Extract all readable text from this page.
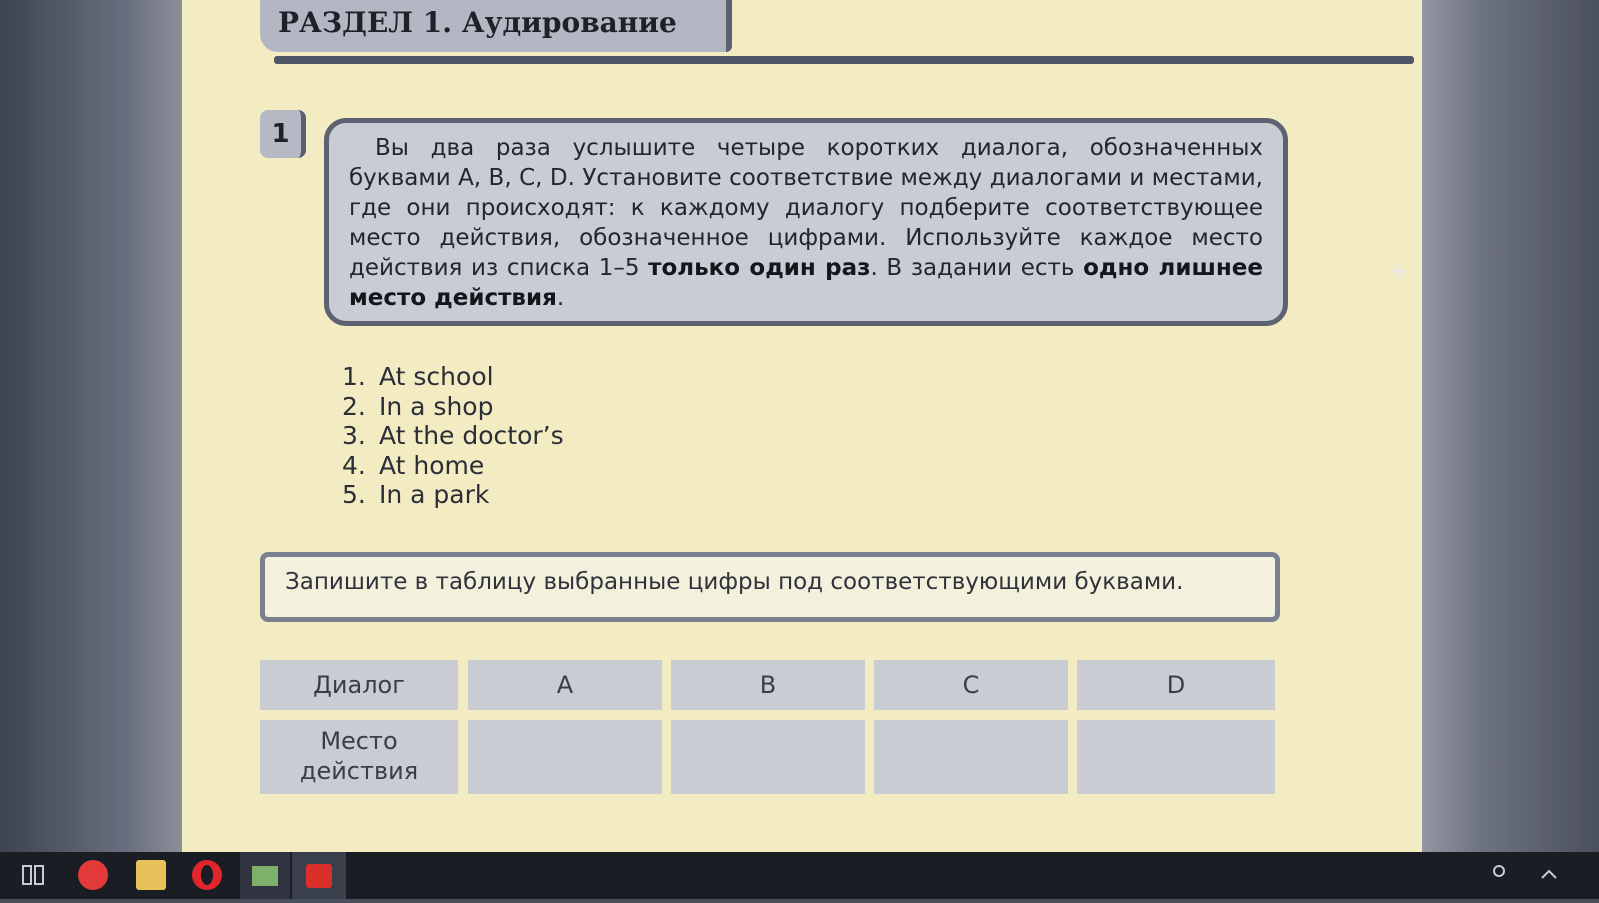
РАЗДЕЛ 1. Аудирование
1	Вы два раза услышите четыре коротких диалога, обозначенных буквами A, B, C, D. Установите соответствие между диалогами и местами, где они происходят: к каждому диалогу подберите соответствующее место действия, обозначенное цифрами. Используйте каждое место действия из списка 1–5 только один раз. В задании есть одно лишнее место действия.
1. At school
2. In a shop
3. At the doctor’s
4. At home
5. In a park
Запишите в таблицу выбранные цифры под соответствующими буквами.
Диалог	A	B	C	D
Место действия
✛
